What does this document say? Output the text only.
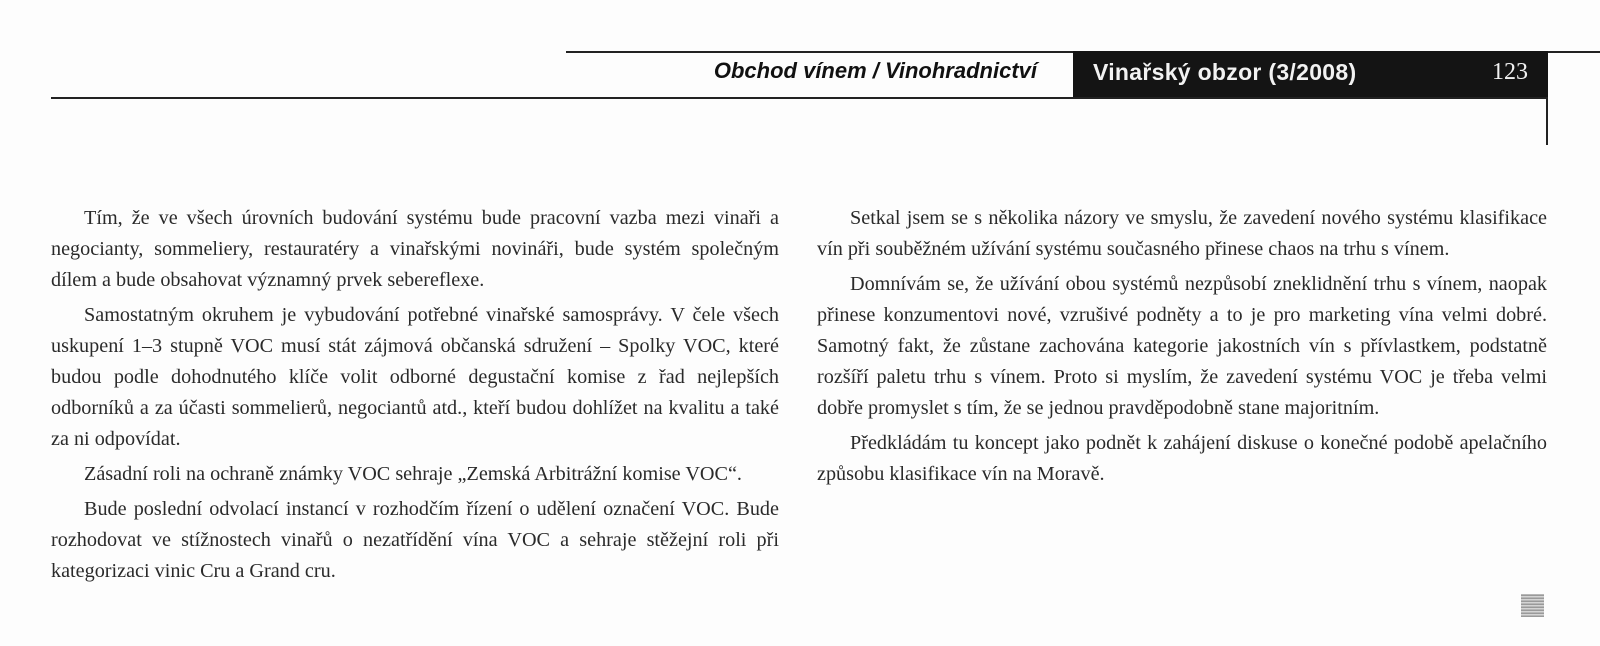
Obchod vínem / Vinohradnictví Vinařský obzor (3/2008)	123

Tím, že ve všech úrovních budování systému bude pracovní vazba mezi vinaři a negocianty, sommeliery, restauratéry a vinařskými novináři, bude systém společným dílem a bude obsahovat významný prvek sebereflexe.

Samostatným okruhem je vybudování potřebné vinařské samosprávy. V čele všech uskupení 1–3 stupně VOC musí stát zájmová občanská sdružení – Spolky VOC, které budou podle dohodnutého klíče volit odborné degustační komise z řad nejlepších odborníků a za účasti sommelierů, negociantů atd., kteří budou dohlížet na kvalitu a také za ni odpovídat.

Zásadní roli na ochraně známky VOC sehraje „Zemská Arbitrážní komise VOC“.

Bude poslední odvolací instancí v rozhodčím řízení o udělení označení VOC. Bude rozhodovat ve stížnostech vinařů o nezatřídění vína VOC a sehraje stěžejní roli při kategorizaci vinic Cru a Grand cru.

Setkal jsem se s několika názory ve smyslu, že zavedení nového systému klasifikace vín při souběžném užívání systému současného přinese chaos na trhu s vínem.

Domnívám se, že užívání obou systémů nezpůsobí zneklidnění trhu s vínem, naopak přinese konzumentovi nové, vzrušivé podněty a to je pro marketing vína velmi dobré. Samotný fakt, že zůstane zachována kategorie jakostních vín s přívlastkem, podstatně rozšíří paletu trhu s vínem. Proto si myslím, že zavedení systému VOC je třeba velmi dobře promyslet s tím, že se jednou pravděpodobně stane majoritním.

Předkládám tu koncept jako podnět k zahájení diskuse o konečné podobě apelačního způsobu klasifikace vín na Moravě.
